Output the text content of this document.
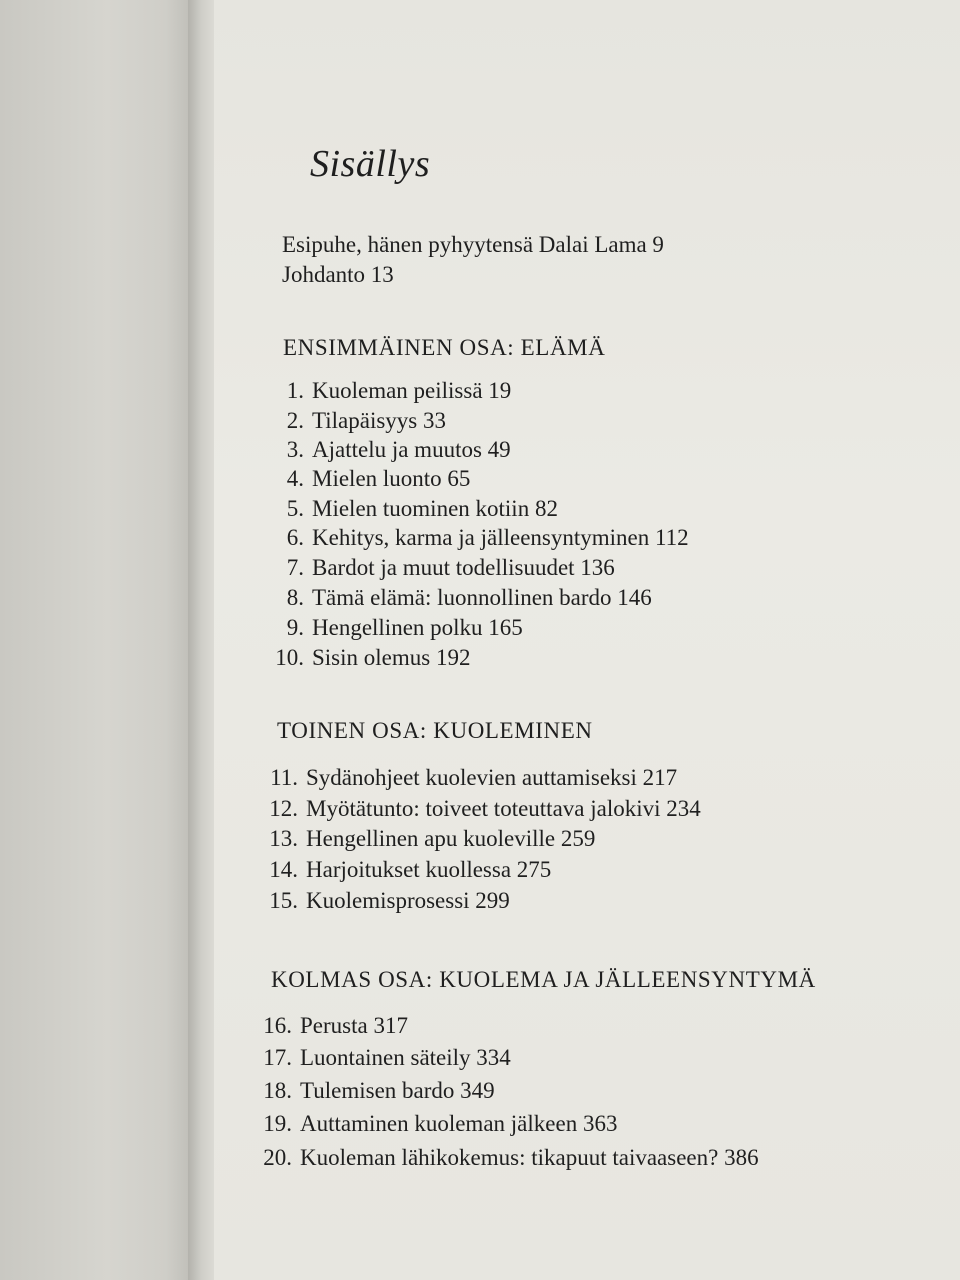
Sisällys
Esipuhe, hänen pyhyytensä Dalai Lama 9
Johdanto 13
ENSIMMÄINEN OSA: ELÄMÄ
1. Kuoleman peilissä 19
2. Tilapäisyys 33
3. Ajattelu ja muutos 49
4. Mielen luonto 65
5. Mielen tuominen kotiin 82
6. Kehitys, karma ja jälleensyntyminen 112
7. Bardot ja muut todellisuudet 136
8. Tämä elämä: luonnollinen bardo 146
9. Hengellinen polku 165
10. Sisin olemus 192
TOINEN OSA: KUOLEMINEN
11. Sydänohjeet kuolevien auttamiseksi 217
12. Myötätunto: toiveet toteuttava jalokivi 234
13. Hengellinen apu kuoleville 259
14. Harjoitukset kuollessa 275
15. Kuolemisprosessi 299
KOLMAS OSA: KUOLEMA JA JÄLLEENSYNTYMÄ
16. Perusta 317
17. Luontainen säteily 334
18. Tulemisen bardo 349
19. Auttaminen kuoleman jälkeen 363
20. Kuoleman lähikokemus: tikapuut taivaaseen? 386
